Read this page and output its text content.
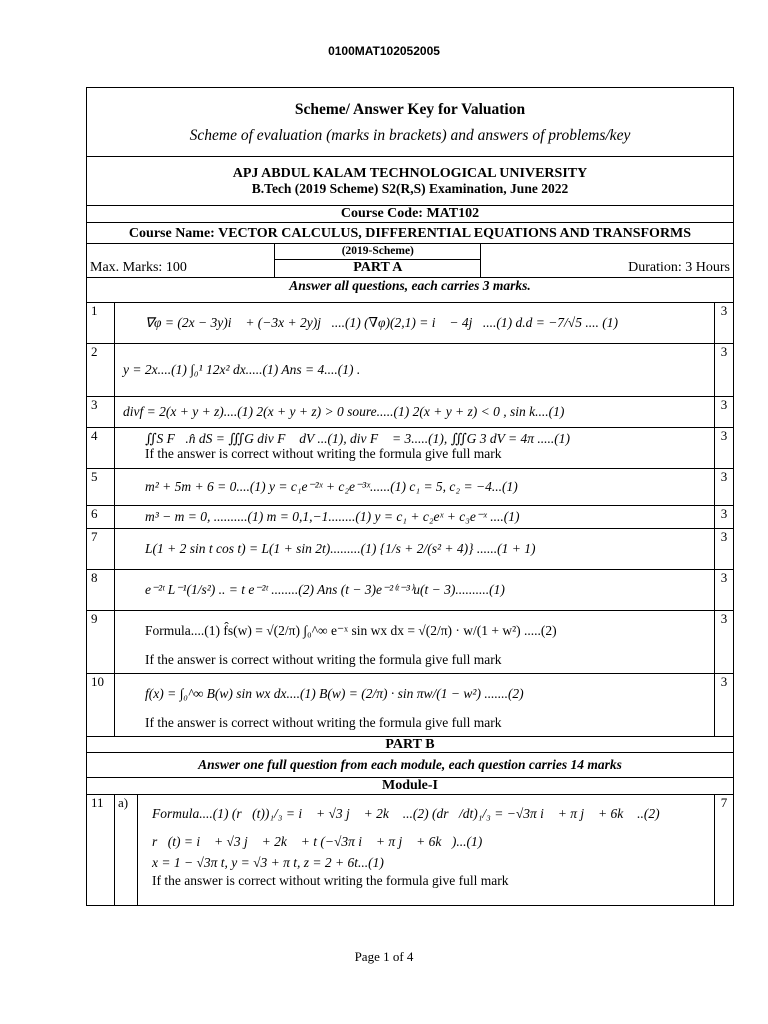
0100MAT102052005
Scheme/ Answer Key for Valuation
Scheme of evaluation (marks in brackets) and answers of problems/key					

APJ ABDUL KALAM TECHNOLOGICAL UNIVERSITY
B.Tech (2019 Scheme) S2(R,S) Examination, June 2022					

Course Code: MAT102					
Course Name: VECTOR CALCULUS, DIFFERENTIAL EQUATIONS AND TRANSFORMS					
			(2019-Scheme)		
Max. Marks: 100			PART A	Duration: 3 Hours	
Answer all questions, each carries 3 marks.					
1	∇φ = (2x − 3y)i⃗ + (−3x + 2y)j⃗....(1) (∇φ)(2,1) = i⃗ − 4j⃗....(1) d.d = −7/√5 .... (1)				3
2	y = 2x....(1) ∫₀¹ 12x² dx.....(1) Ans = 4....(1) .				3
3	divf = 2(x + y + z)....(1) 2(x + y + z) > 0 soure.....(1) 2(x + y + z) < 0 , sin k....(1)				3
4	∬S F⃗.n̂ dS = ∭G div F⃗ dV ...(1), div F⃗ = 3.....(1), ∭G 3 dV = 4π .....(1)
If the answer is correct without writing the formula give full mark				3
5	m² + 5m + 6 = 0....(1) y = c₁e⁻²ˣ + c₂e⁻³ˣ......(1) c₁ = 5, c₂ = −4...(1)				3
6	m³ − m = 0, ..........(1) m = 0,1,−1........(1) y = c₁ + c₂eˣ + c₃e⁻ˣ ....(1)				3
7	L(1 + 2 sin t cos t) = L(1 + sin 2t).........(1) {1/s + 2/(s² + 4)} ......(1 + 1)				3
8	e⁻²ᵗ L⁻¹(1/s²) .. = t e⁻²ᵗ ........(2) Ans (t − 3)e⁻²⁽ᵗ⁻³⁾u(t − 3)..........(1)				3
9	Formula....(1) f̂s(w) = √(2/π) ∫₀^∞ e⁻ˣ sin wx dx = √(2/π) · w/(1 + w²) .....(2)
If the answer is correct without writing the formula give full mark				3
10	f(x) = ∫₀^∞ B(w) sin wx dx....(1) B(w) = (2/π) · sin πw/(1 − w²) .......(2)
If the answer is correct without writing the formula give full mark				3
PART B					
Answer one full question from each module, each question carries 14 marks					
Module-I					
11	a)	Formula....(1) (r⃗(t))₁/₃ = i⃗ + √3 j⃗ + 2k⃗ ...(2) (dr⃗/dt)₁/₃ = −√3π i⃗ + π j⃗ + 6k⃗ ..(2)
r⃗(t) = i⃗ + √3 j⃗ + 2k⃗ + t (−√3π i⃗ + π j⃗ + 6k⃗)...(1)
x = 1 − √3π t, y = √3 + π t, z = 2 + 6t...(1)
If the answer is correct without writing the formula give full mark			7
Page 1 of 4
